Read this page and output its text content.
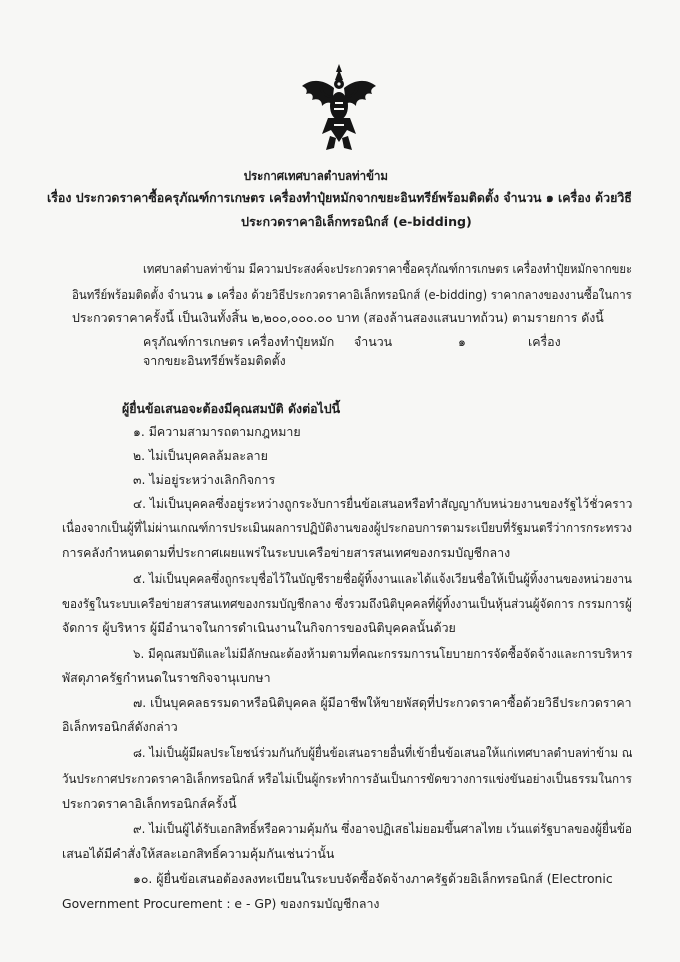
ประกาศเทศบาลตำบลท่าข้าม
เรื่อง ประกวดราคาซื้อครุภัณฑ์การเกษตร เครื่องทำปุ๋ยหมักจากขยะอินทรีย์พร้อมติดตั้ง จำนวน ๑ เครื่อง ด้วยวิธี
ประกวดราคาอิเล็กทรอนิกส์ (e-bidding)
เทศบาลตำบลท่าข้าม มีความประสงค์จะประกวดราคาซื้อครุภัณฑ์การเกษตร เครื่องทำปุ๋ยหมักจากขยะ
อินทรีย์พร้อมติดตั้ง จำนวน ๑ เครื่อง ด้วยวิธีประกวดราคาอิเล็กทรอนิกส์ (e-bidding) ราคากลางของงานซื้อในการ
ประกวดราคาครั้งนี้ เป็นเงินทั้งสิ้น ๒,๒๐๐,๐๐๐.๐๐ บาท (สองล้านสองแสนบาทถ้วน) ตามรายการ ดังนี้
ครุภัณฑ์การเกษตร เครื่องทำปุ๋ยหมัก
จากขยะอินทรีย์พร้อมติดตั้ง
จำนวน	๑	เครื่อง
ผู้ยื่นข้อเสนอจะต้องมีคุณสมบัติ ดังต่อไปนี้
๑. มีความสามารถตามกฎหมาย
๒. ไม่เป็นบุคคลล้มละลาย
๓. ไม่อยู่ระหว่างเลิกกิจการ
๔. ไม่เป็นบุคคลซึ่งอยู่ระหว่างถูกระงับการยื่นข้อเสนอหรือทำสัญญากับหน่วยงานของรัฐไว้ชั่วคราว
เนื่องจากเป็นผู้ที่ไม่ผ่านเกณฑ์การประเมินผลการปฏิบัติงานของผู้ประกอบการตามระเบียบที่รัฐมนตรีว่าการกระทรวง
การคลังกำหนดตามที่ประกาศเผยแพร่ในระบบเครือข่ายสารสนเทศของกรมบัญชีกลาง
๕. ไม่เป็นบุคคลซึ่งถูกระบุชื่อไว้ในบัญชีรายชื่อผู้ทิ้งงานและได้แจ้งเวียนชื่อให้เป็นผู้ทิ้งงานของหน่วยงาน
ของรัฐในระบบเครือข่ายสารสนเทศของกรมบัญชีกลาง ซึ่งรวมถึงนิติบุคคลที่ผู้ทิ้งงานเป็นหุ้นส่วนผู้จัดการ กรรมการผู้
จัดการ ผู้บริหาร ผู้มีอำนาจในการดำเนินงานในกิจการของนิติบุคคลนั้นด้วย
๖. มีคุณสมบัติและไม่มีลักษณะต้องห้ามตามที่คณะกรรมการนโยบายการจัดซื้อจัดจ้างและการบริหาร
พัสดุภาครัฐกำหนดในราชกิจจานุเบกษา
๗. เป็นบุคคลธรรมดาหรือนิติบุคคล ผู้มีอาชีพให้ขายพัสดุที่ประกวดราคาซื้อด้วยวิธีประกวดราคา
อิเล็กทรอนิกส์ดังกล่าว
๘. ไม่เป็นผู้มีผลประโยชน์ร่วมกันกับผู้ยื่นข้อเสนอรายอื่นที่เข้ายื่นข้อเสนอให้แก่เทศบาลตำบลท่าข้าม ณ
วันประกาศประกวดราคาอิเล็กทรอนิกส์ หรือไม่เป็นผู้กระทำการอันเป็นการขัดขวางการแข่งขันอย่างเป็นธรรมในการ
ประกวดราคาอิเล็กทรอนิกส์ครั้งนี้
๙. ไม่เป็นผู้ได้รับเอกสิทธิ์หรือความคุ้มกัน ซึ่งอาจปฏิเสธไม่ยอมขึ้นศาลไทย เว้นแต่รัฐบาลของผู้ยื่นข้อ
เสนอได้มีคำสั่งให้สละเอกสิทธิ์ความคุ้มกันเช่นว่านั้น
๑๐. ผู้ยื่นข้อเสนอต้องลงทะเบียนในระบบจัดซื้อจัดจ้างภาครัฐด้วยอิเล็กทรอนิกส์ (Electronic
Government Procurement : e - GP) ของกรมบัญชีกลาง
